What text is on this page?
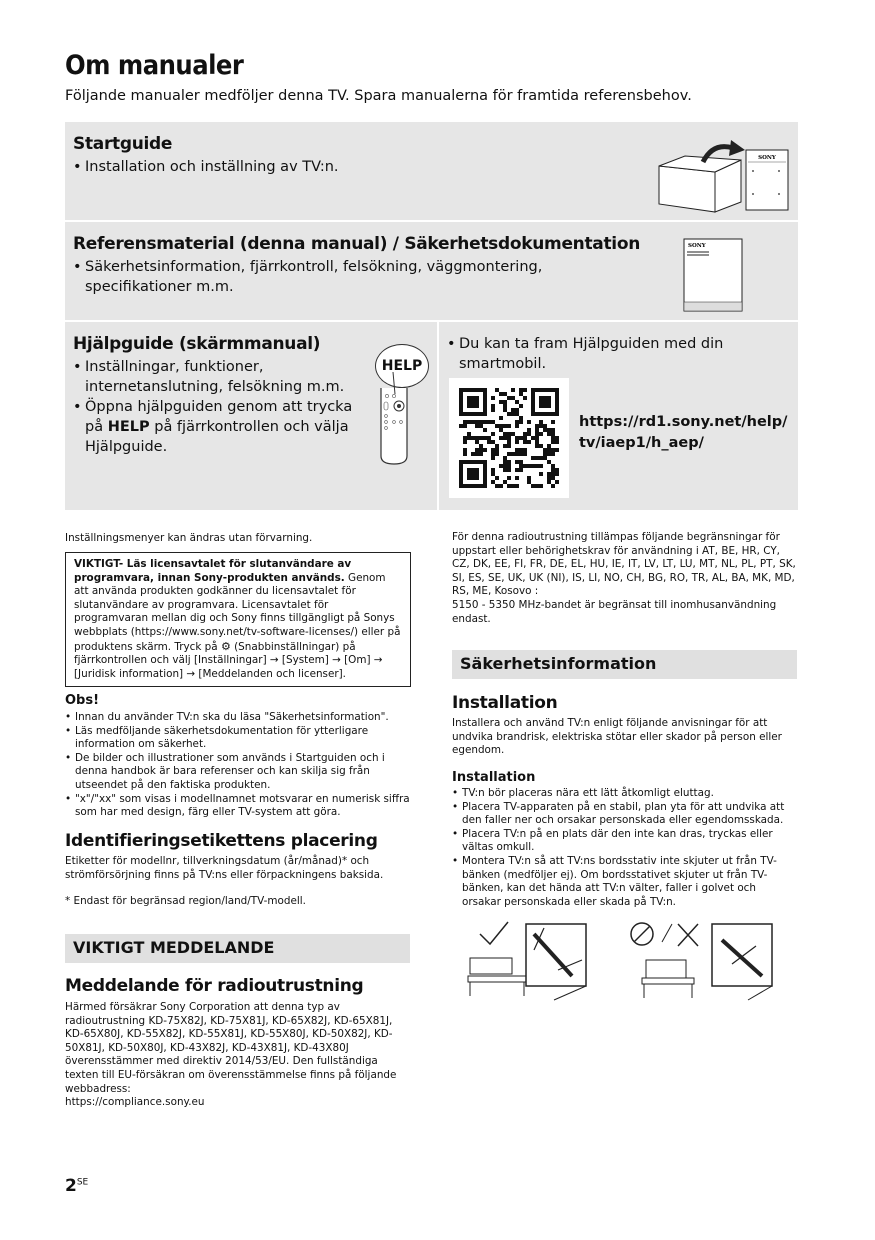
Om manualer
Följande manualer medföljer denna TV. Spara manualerna för framtida referensbehov.
Startguide
• Installation och inställning av TV:n.
SONY
Referensmaterial (denna manual) / Säkerhetsdokumentation
• Säkerhetsinformation, fjärrkontroll, felsökning, väggmontering, specifikationer m.m.
SONY
Hjälpguide (skärmmanual)
• Inställningar, funktioner, internetanslutning, felsökning m.m.
• Öppna hjälpguiden genom att trycka på HELP på fjärrkontrollen och välja Hjälpguide.
HELP
• Du kan ta fram Hjälpguiden med din smartmobil.
https://rd1.sony.net/help/
tv/iaep1/h_aep/
Inställningsmenyer kan ändras utan förvarning.
VIKTIGT- Läs licensavtalet för slutanvändare av programvara, innan Sony-produkten används. Genom att använda produkten godkänner du licensavtalet för slutanvändare av programvara. Licensavtalet för programvaran mellan dig och Sony finns tillgängligt på Sonys webbplats (https://www.sony.net/tv-software-licenses/) eller på produktens skärm. Tryck på ⚙ (Snabbinställningar) på fjärrkontrollen och välj [Inställningar] → [System] → [Om] → [Juridisk information] → [Meddelanden och licenser].
Obs!
• Innan du använder TV:n ska du läsa "Säkerhetsinformation".
• Läs medföljande säkerhetsdokumentation för ytterligare information om säkerhet.
• De bilder och illustrationer som används i Startguiden och i denna handbok är bara referenser och kan skilja sig från utseendet på den faktiska produkten.
• "x"/"xx" som visas i modellnamnet motsvarar en numerisk siffra som har med design, färg eller TV-system att göra.
Identifieringsetikettens placering
Etiketter för modellnr, tillverkningsdatum (år/månad)* och strömförsörjning finns på TV:ns eller förpackningens baksida.
* Endast för begränsad region/land/TV-modell.
VIKTIGT MEDDELANDE
Meddelande för radioutrustning
Härmed försäkrar Sony Corporation att denna typ av radioutrustning KD-75X82J, KD-75X81J, KD-65X82J, KD-65X81J, KD-65X80J, KD-55X82J, KD-55X81J, KD-55X80J, KD-50X82J, KD-50X81J, KD-50X80J, KD-43X82J, KD-43X81J, KD-43X80J överensstämmer med direktiv 2014/53/EU. Den fullständiga texten till EU-försäkran om överensstämmelse finns på följande webbadress:
https://compliance.sony.eu
För denna radioutrustning tillämpas följande begränsningar för uppstart eller behörighetskrav för användning i AT, BE, HR, CY, CZ, DK, EE, FI, FR, DE, EL, HU, IE, IT, LV, LT, LU, MT, NL, PL, PT, SK, SI, ES, SE, UK, UK (NI), IS, LI, NO, CH, BG, RO, TR, AL, BA, MK, MD, RS, ME, Kosovo :
5150 - 5350 MHz-bandet är begränsat till inomhusanvändning endast.
Säkerhetsinformation
Installation
Installera och använd TV:n enligt följande anvisningar för att undvika brandrisk, elektriska stötar eller skador på person eller egendom.
Installation
• TV:n bör placeras nära ett lätt åtkomligt eluttag.
• Placera TV-apparaten på en stabil, plan yta för att undvika att den faller ner och orsakar personskada eller egendomsskada.
• Placera TV:n på en plats där den inte kan dras, tryckas eller vältas omkull.
• Montera TV:n så att TV:ns bordsstativ inte skjuter ut från TV-bänken (medföljer ej). Om bordsstativet skjuter ut från TV-bänken, kan det hända att TV:n välter, faller i golvet och orsakar personskada eller skada på TV:n.
$2^{SE}$
